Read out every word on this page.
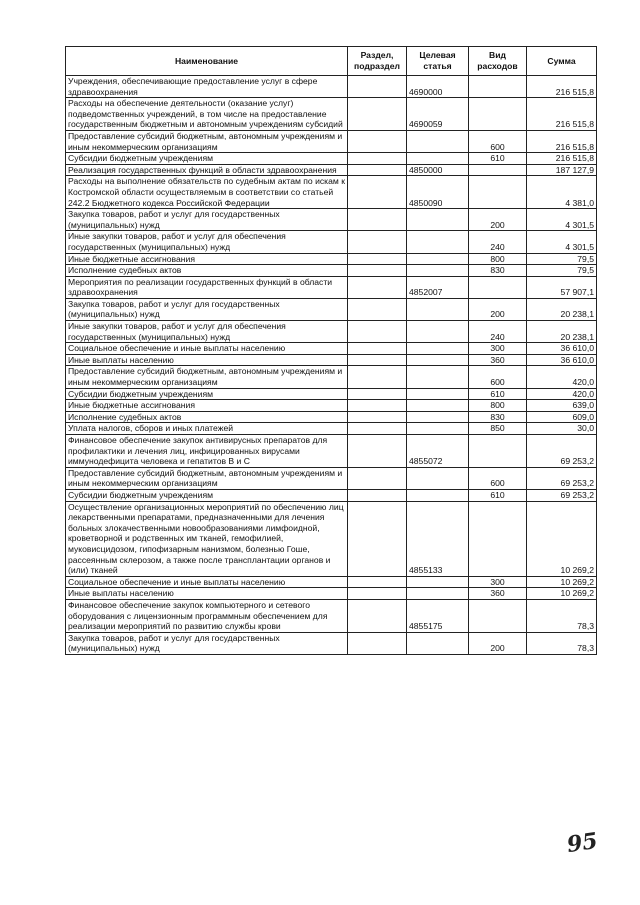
Наименование	Раздел, подраздел	Целевая статья	Вид расходов	Сумма
Учреждения, обеспечивающие предоставление услуг в сфере здравоохранения		4690000		216 515,8
Расходы на обеспечение деятельности (оказание услуг) подведомственных учреждений, в том числе на предоставление государственным бюджетным и автономным учреждениям субсидий		4690059		216 515,8
Предоставление субсидий бюджетным, автономным учреждениям и иным некоммерческим организациям			600	216 515,8
Субсидии бюджетным учреждениям			610	216 515,8
Реализация государственных функций в области здравоохранения		4850000		187 127,9
Расходы на выполнение обязательств по судебным актам по искам к Костромской области осуществляемым в соответствии со статьей 242.2 Бюджетного кодекса Российской Федерации		4850090		4 381,0
Закупка товаров, работ и услуг для государственных (муниципальных) нужд			200	4 301,5
Иные закупки товаров, работ и услуг для обеспечения государственных (муниципальных) нужд			240	4 301,5
Иные бюджетные ассигнования			800	79,5
Исполнение судебных актов			830	79,5
Мероприятия по реализации государственных функций в области здравоохранения		4852007		57 907,1
Закупка товаров, работ и услуг для государственных (муниципальных) нужд			200	20 238,1
Иные закупки товаров, работ и услуг для обеспечения государственных (муниципальных) нужд			240	20 238,1
Социальное обеспечение и иные выплаты населению			300	36 610,0
Иные выплаты населению			360	36 610,0
Предоставление субсидий бюджетным, автономным учреждениям и иным некоммерческим организациям			600	420,0
Субсидии бюджетным учреждениям			610	420,0
Иные бюджетные ассигнования			800	639,0
Исполнение судебных актов			830	609,0
Уплата налогов, сборов и иных платежей			850	30,0
Финансовое обеспечение закупок антивирусных препаратов для профилактики и лечения лиц, инфицированных вирусами иммунодефицита человека и гепатитов В и С		4855072		69 253,2
Предоставление субсидий бюджетным, автономным учреждениям и иным некоммерческим организациям			600	69 253,2
Субсидии бюджетным учреждениям			610	69 253,2
Осуществление организационных мероприятий по обеспечению лиц лекарственными препаратами, предназначенными для лечения больных злокачественными новообразованиями лимфоидной, кроветворной и родственных им тканей, гемофилией, муковисцидозом, гипофизарным нанизмом, болезнью Гоше, рассеянным склерозом, а также после трансплантации органов и (или) тканей		4855133		10 269,2
Социальное обеспечение и иные выплаты населению			300	10 269,2
Иные выплаты населению			360	10 269,2
Финансовое обеспечение закупок компьютерного и сетевого оборудования с лицензионным программным обеспечением для реализации мероприятий по развитию службы крови		4855175		78,3
Закупка товаров, работ и услуг для государственных (муниципальных) нужд			200	78,3
95
